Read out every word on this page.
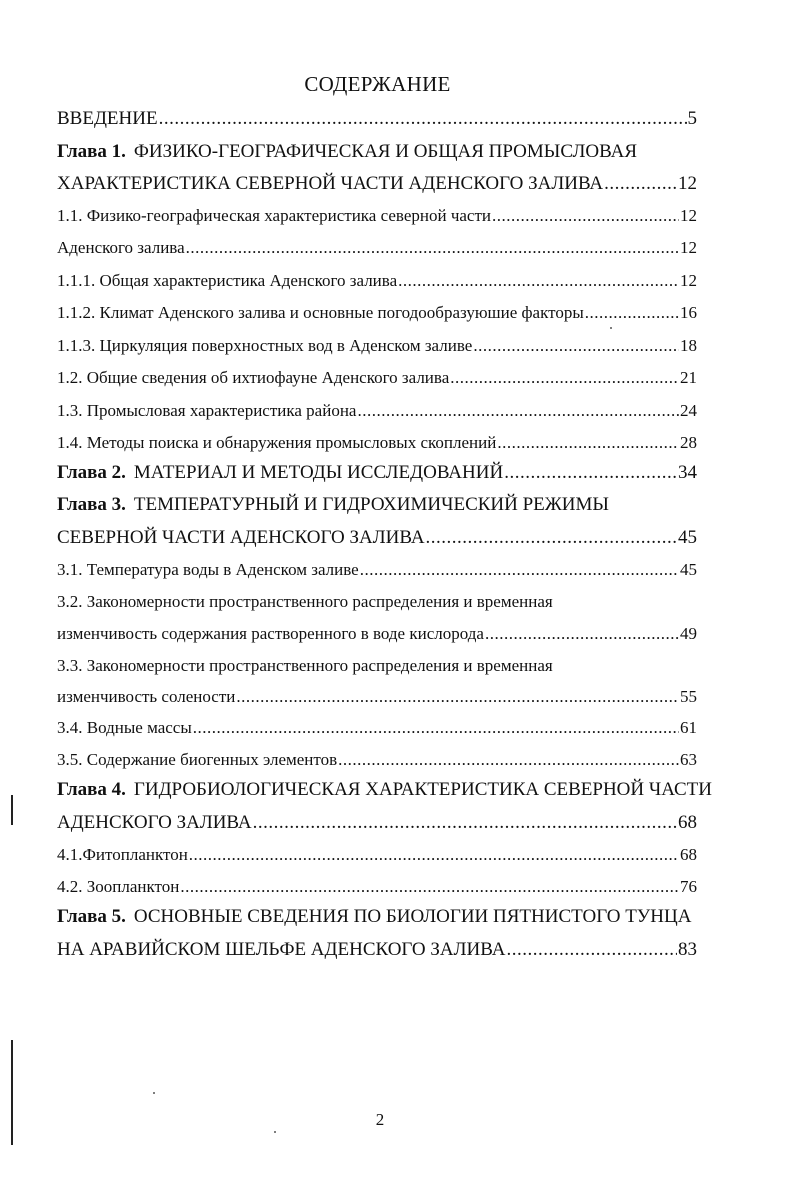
СОДЕРЖАНИЕ
ВВЕДЕНИЕ .....	5
Глава 1. ФИЗИКО-ГЕОГРАФИЧЕСКАЯ И ОБЩАЯ ПРОМЫСЛОВАЯ
ХАРАКТЕРИСТИКА СЕВЕРНОЙ ЧАСТИ АДЕНСКОГО ЗАЛИВА .....	12
1.1. Физико-географическая характеристика северной части .....	12
Аденского залива .....	12
1.1.1. Общая характеристика Аденского залива .....	12
1.1.2. Климат Аденского залива и основные погодообразуюшие факторы .....	16
1.1.3. Циркуляция поверхностных вод в Аденском заливе .....	18
1.2. Общие сведения об ихтиофауне Аденского залива .....	21
1.3. Промысловая характеристика района .....	24
1.4. Методы поиска и обнаружения промысловых скоплений .....	28
Глава 2. МАТЕРИАЛ И МЕТОДЫ ИССЛЕДОВАНИЙ .....	34
Глава 3. ТЕМПЕРАТУРНЫЙ И ГИДРОХИМИЧЕСКИЙ РЕЖИМЫ
СЕВЕРНОЙ ЧАСТИ АДЕНСКОГО ЗАЛИВА .....	45
3.1. Температура воды в Аденском заливе .....	45
3.2. Закономерности пространственного распределения и временная
изменчивость содержания растворенного в воде кислорода .....	49
3.3. Закономерности пространственного распределения и временная
изменчивость солености .....	55
3.4. Водные массы .....	61
3.5. Содержание биогенных элементов .....	63
Глава 4. ГИДРОБИОЛОГИЧЕСКАЯ ХАРАКТЕРИСТИКА СЕВЕРНОЙ ЧАСТИ
АДЕНСКОГО ЗАЛИВА .....	68
4.1.Фитопланктон .....	68
4.2. Зоопланктон .....	76
Глава 5. ОСНОВНЫЕ СВЕДЕНИЯ ПО БИОЛОГИИ ПЯТНИСТОГО ТУНЦА
НА АРАВИЙСКОМ ШЕЛЬФЕ АДЕНСКОГО ЗАЛИВА .....	83
2
